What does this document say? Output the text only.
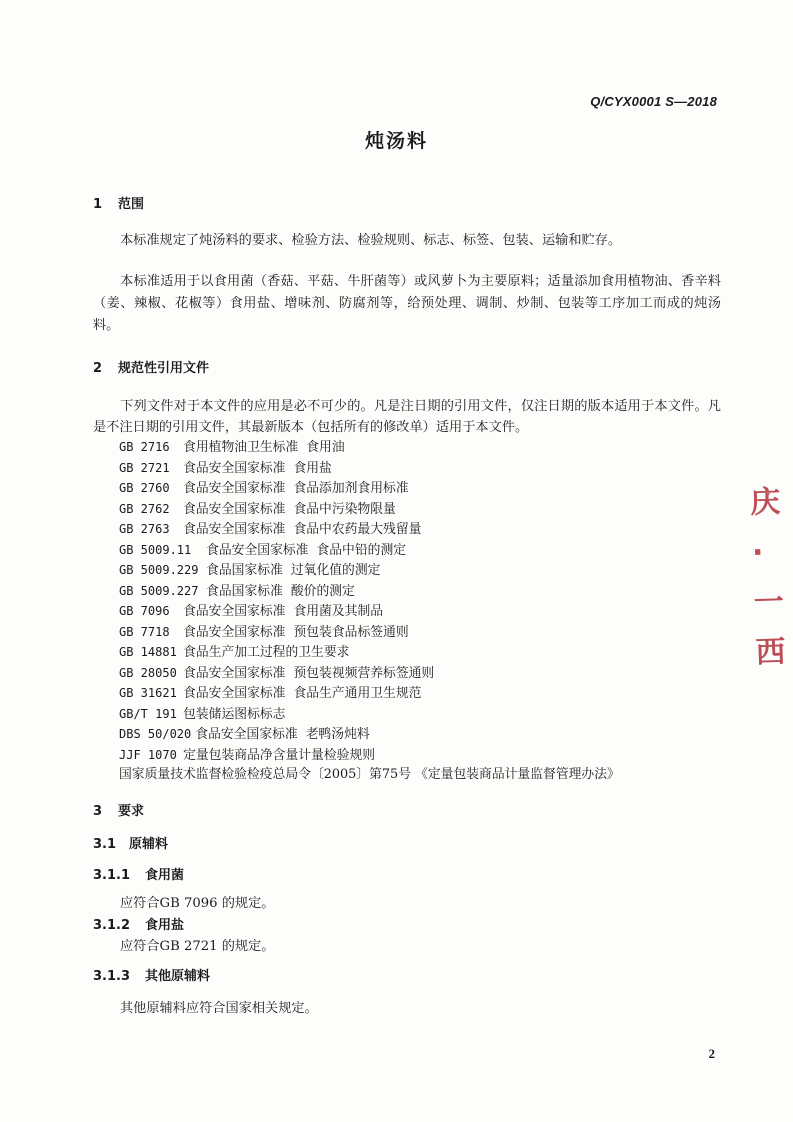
Q/CYX0001 S—2018
炖汤料
1 范围
本标准规定了炖汤料的要求、检验方法、检验规则、标志、标签、包装、运输和贮存。
本标准适用于以食用菌（香菇、平菇、牛肝菌等）或风萝卜为主要原料；适量添加食用植物油、香辛料（姜、辣椒、花椒等）食用盐、增味剂、防腐剂等，给预处理、调制、炒制、包装等工序加工而成的炖汤料。
2 规范性引用文件
下列文件对于本文件的应用是必不可少的。凡是注日期的引用文件，仅注日期的版本适用于本文件。凡是不注日期的引用文件，其最新版本（包括所有的修改单）适用于本文件。
GB 2716 食用植物油卫生标准 食用油
GB 2721 食品安全国家标准 食用盐
GB 2760 食品安全国家标准 食品添加剂食用标准
GB 2762 食品安全国家标准 食品中污染物限量
GB 2763 食品安全国家标准 食品中农药最大残留量
GB 5009.11 食品安全国家标准 食品中铅的测定
GB 5009.229 食品国家标准 过氧化值的测定
GB 5009.227 食品国家标准 酸价的测定
GB 7096 食品安全国家标准 食用菌及其制品
GB 7718 食品安全国家标准 预包装食品标签通则
GB 14881 食品生产加工过程的卫生要求
GB 28050 食品安全国家标准 预包装视频营养标签通则
GB 31621 食品安全国家标准 食品生产通用卫生规范
GB/T 191 包装储运图标标志
DBS 50/020 食品安全国家标准 老鸭汤炖料
JJF 1070 定量包装商品净含量计量检验规则
国家质量技术监督检验检疫总局令〔2005〕第75号 《定量包装商品计量监督管理办法》
3 要求
3.1 原辅料
3.1.1 食用菌
应符合GB 7096 的规定。
3.1.2 食用盐
应符合GB 2721 的规定。
3.1.3 其他原辅料
其他原辅料应符合国家相关规定。
2
庆
·一
西
